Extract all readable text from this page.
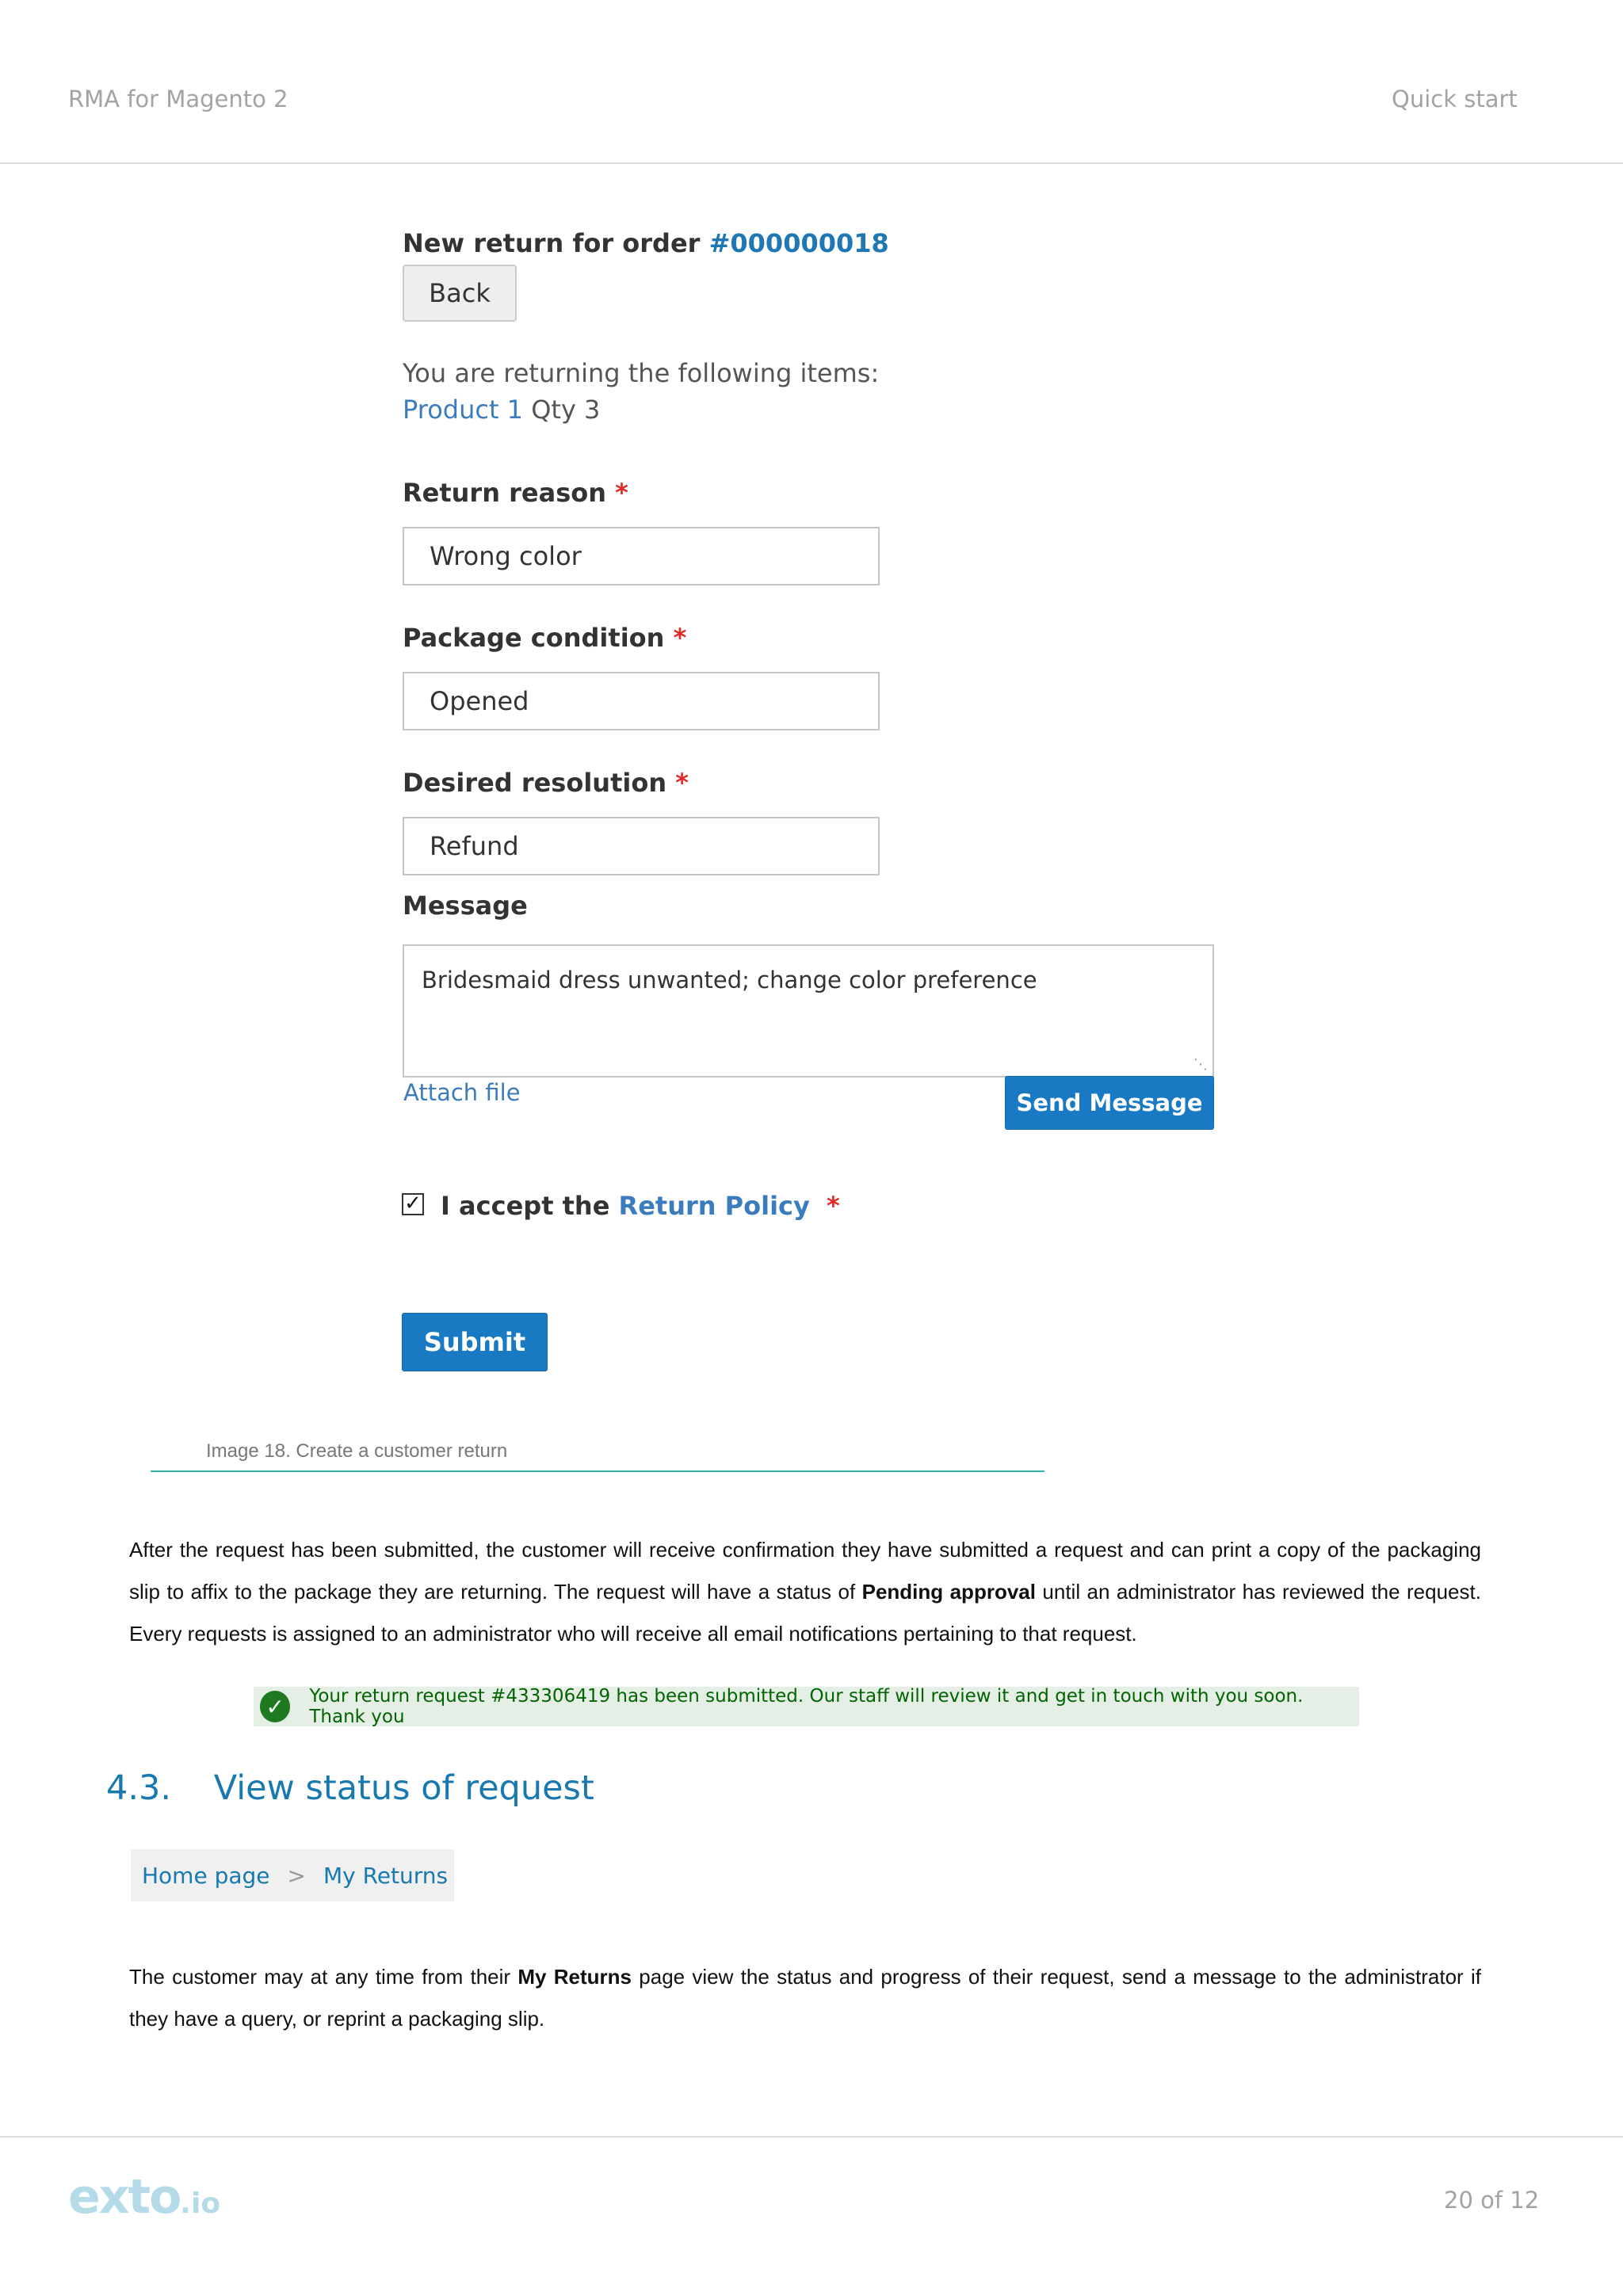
RMA for Magento 2	Quick start
New return for order #000000018
Back
You are returning the following items:
Product 1 Qty 3
Return reason *
Wrong color
Package condition *
Opened
Desired resolution *
Refund
Message
Bridesmaid dress unwanted; change color preference
⋱
Attach file	Send Message
✓ I accept the Return Policy *
Submit
Image 18. Create a customer return
After the request has been submitted, the customer will receive confirmation they have submitted a request and can print a copy of the packaging slip to affix to the package they are returning. The request will have a status of Pending approval until an administrator has reviewed the request. Every requests is assigned to an administrator who will receive all email notifications pertaining to that request.
✓	Your return request #433306419 has been submitted. Our staff will review it and get in touch with you soon. Thank you
4.3. View status of request
Home page > My Returns
The customer may at any time from their My Returns page view the status and progress of their request, send a message to the administrator if they have a query, or reprint a packaging slip.
exto.io	20 of 12
